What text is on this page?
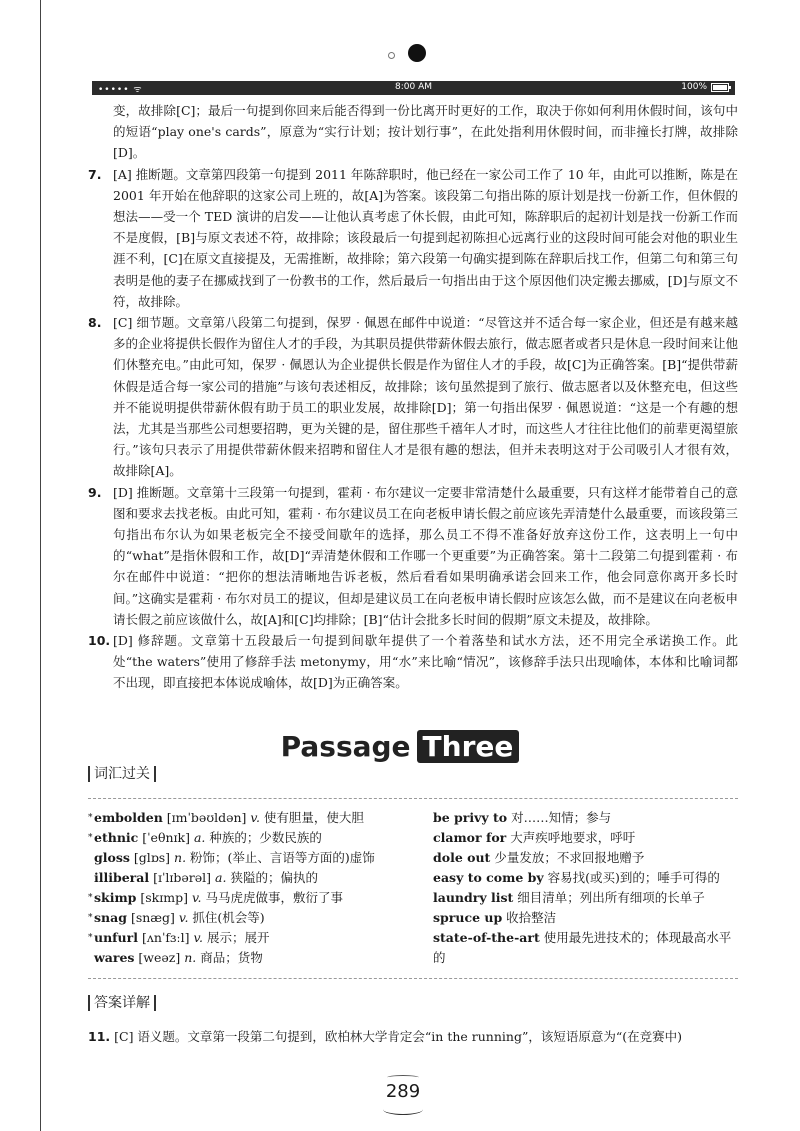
••••• ᯤ	8:00 AM	100%

变，故排除[C]；最后一句提到你回来后能否得到一份比离开时更好的工作，取决于你如何利用休假时间，该句中的短语“play one's cards”，原意为“实行计划；按计划行事”，在此处指利用休假时间，而非撞长打牌，故排除[D]。

7. [A] 推断题。文章第四段第一句提到 2011 年陈辞职时，他已经在一家公司工作了 10 年，由此可以推断，陈是在 2001 年开始在他辞职的这家公司上班的，故[A]为答案。该段第二句指出陈的原计划是找一份新工作，但休假的想法——受一个 TED 演讲的启发——让他认真考虑了休长假，由此可知，陈辞职后的起初计划是找一份新工作而不是度假，[B]与原文表述不符，故排除；该段最后一句提到起初陈担心远离行业的这段时间可能会对他的职业生涯不利，[C]在原文直接提及，无需推断，故排除；第六段第一句确实提到陈在辞职后找工作，但第二句和第三句表明是他的妻子在挪威找到了一份教书的工作，然后最后一句指出由于这个原因他们决定搬去挪威，[D]与原文不符，故排除。
8. [C] 细节题。文章第八段第二句提到，保罗 · 佩恩在邮件中说道：“尽管这并不适合每一家企业，但还是有越来越多的企业将提供长假作为留住人才的手段，为其职员提供带薪休假去旅行，做志愿者或者只是休息一段时间来让他们休整充电。”由此可知，保罗 · 佩恩认为企业提供长假是作为留住人才的手段，故[C]为正确答案。[B]“提供带薪休假是适合每一家公司的措施”与该句表述相反，故排除；该句虽然提到了旅行、做志愿者以及休整充电，但这些并不能说明提供带薪休假有助于员工的职业发展，故排除[D]；第一句指出保罗 · 佩恩说道：“这是一个有趣的想法，尤其是当那些公司想要招聘，更为关键的是，留住那些千禧年人才时，而这些人才往往比他们的前辈更渴望旅行。”该句只表示了用提供带薪休假来招聘和留住人才是很有趣的想法，但并未表明这对于公司吸引人才很有效，故排除[A]。
9. [D] 推断题。文章第十三段第一句提到，霍莉 · 布尔建议一定要非常清楚什么最重要，只有这样才能带着自己的意图和要求去找老板。由此可知，霍莉 · 布尔建议员工在向老板申请长假之前应该先弄清楚什么最重要，而该段第三句指出布尔认为如果老板完全不接受间歇年的选择，那么员工不得不准备好放弃这份工作，这表明上一句中的“what”是指休假和工作，故[D]“弄清楚休假和工作哪一个更重要”为正确答案。第十二段第二句提到霍莉 · 布尔在邮件中说道：“把你的想法清晰地告诉老板，然后看看如果明确承诺会回来工作，他会同意你离开多长时间。”这确实是霍莉 · 布尔对员工的提议，但却是建议员工在向老板申请长假时应该怎么做，而不是建议在向老板申请长假之前应该做什么，故[A]和[C]均排除；[B]“估计会批多长时间的假期”原文未提及，故排除。
10. [D] 修辞题。文章第十五段最后一句提到间歇年提供了一个着落垫和试水方法，还不用完全承诺换工作。此处“the waters”使用了修辞手法 metonymy，用“水”来比喻“情况”，该修辞手法只出现喻体，本体和比喻词都不出现，即直接把本体说成喻体，故[D]为正确答案。
Passage Three
词汇过关
* embolden [ɪmˈbəʊldən] v. 使有胆量，使大胆
* ethnic [ˈeθnɪk] a. 种族的；少数民族的
gloss [glɒs] n. 粉饰；(举止、言语等方面的)虚饰
illiberal [ɪˈlɪbərəl] a. 狭隘的；偏执的
* skimp [skɪmp] v. 马马虎虎做事，敷衍了事
* snag [snæg] v. 抓住(机会等)
* unfurl [ʌnˈfɜːl] v. 展示；展开
wares [weəz] n. 商品；货物
be privy to 对……知情；参与
clamor for 大声疾呼地要求，呼吁
dole out 少量发放；不求回报地赠予
easy to come by 容易找(或买)到的；唾手可得的
laundry list 细目清单；列出所有细项的长单子
spruce up 收拾整洁
state-of-the-art 使用最先进技术的；体现最高水平的
答案详解
11. [C] 语义题。文章第一段第二句提到，欧柏林大学肯定会“in the running”，该短语原意为“(在竞赛中)
289
